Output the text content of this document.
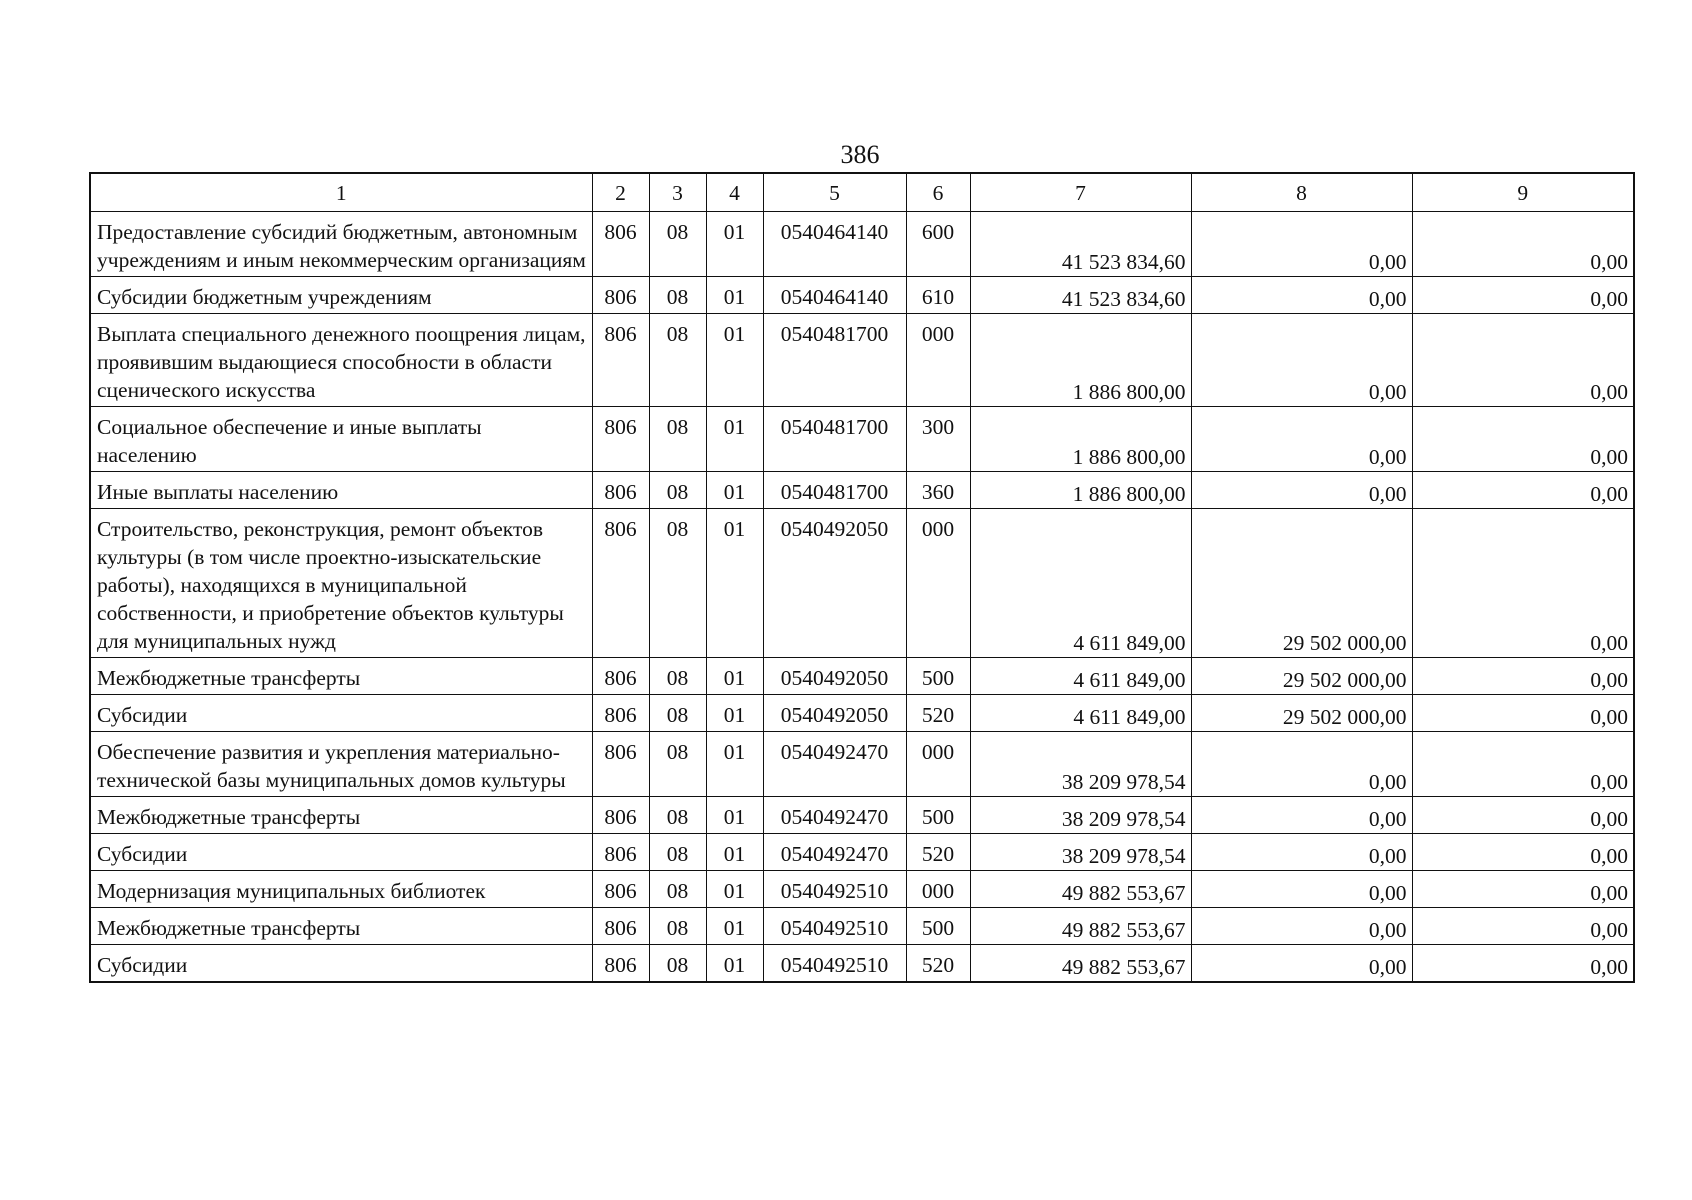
386
1	2	3	4	5	6	7	8	9
Предоставление субсидий бюджетным, автономным учреждениям и иным некоммерческим организациям	806	08	01	0540464140	600	41 523 834,60	0,00	0,00
Субсидии бюджетным учреждениям	806	08	01	0540464140	610	41 523 834,60	0,00	0,00
Выплата специального денежного поощрения лицам, проявившим выдающиеся способности в области сценического искусства	806	08	01	0540481700	000	1 886 800,00	0,00	0,00
Социальное обеспечение и иные выплаты населению	806	08	01	0540481700	300	1 886 800,00	0,00	0,00
Иные выплаты населению	806	08	01	0540481700	360	1 886 800,00	0,00	0,00
Строительство, реконструкция, ремонт объектов культуры (в том числе проектно-изыскательские работы), находящихся в муниципальной собственности, и приобретение объектов культуры для муниципальных нужд	806	08	01	0540492050	000	4 611 849,00	29 502 000,00	0,00
Межбюджетные трансферты	806	08	01	0540492050	500	4 611 849,00	29 502 000,00	0,00
Субсидии	806	08	01	0540492050	520	4 611 849,00	29 502 000,00	0,00
Обеспечение развития и укрепления материально-технической базы муниципальных домов культуры	806	08	01	0540492470	000	38 209 978,54	0,00	0,00
Межбюджетные трансферты	806	08	01	0540492470	500	38 209 978,54	0,00	0,00
Субсидии	806	08	01	0540492470	520	38 209 978,54	0,00	0,00
Модернизация муниципальных библиотек	806	08	01	0540492510	000	49 882 553,67	0,00	0,00
Межбюджетные трансферты	806	08	01	0540492510	500	49 882 553,67	0,00	0,00
Субсидии	806	08	01	0540492510	520	49 882 553,67	0,00	0,00
